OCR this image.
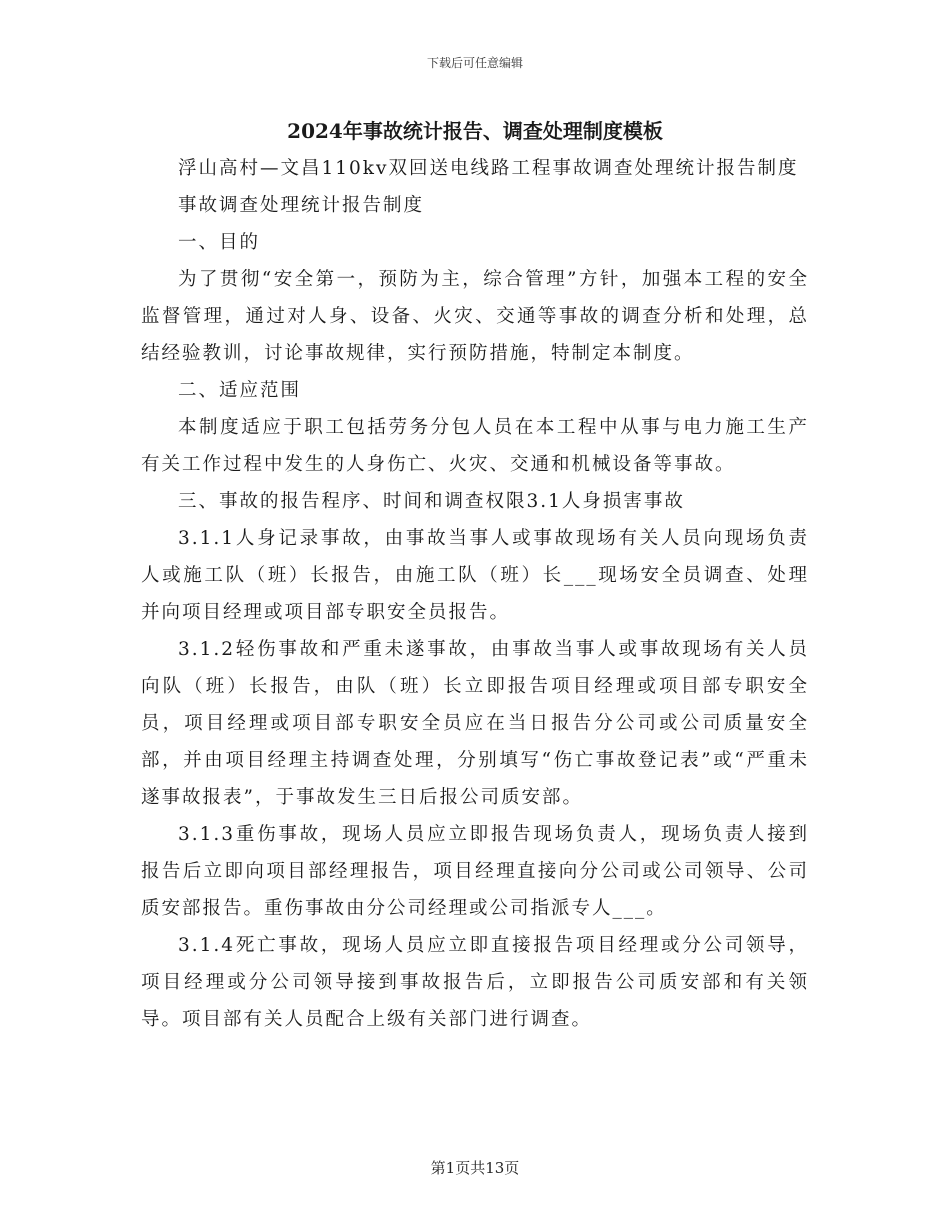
下载后可任意编辑
2024年事故统计报告、调查处理制度模板

浮山高村—文昌110kv双回送电线路工程事故调查处理统计报告制度

事故调查处理统计报告制度

一、目的

为了贯彻“安全第一，预防为主，综合管理”方针，加强本工程的安全监督管理，通过对人身、设备、火灾、交通等事故的调查分析和处理，总结经验教训，讨论事故规律，实行预防措施，特制定本制度。

二、适应范围

本制度适应于职工包括劳务分包人员在本工程中从事与电力施工生产有关工作过程中发生的人身伤亡、火灾、交通和机械设备等事故。

三、事故的报告程序、时间和调查权限3.1人身损害事故

3.1.1人身记录事故，由事故当事人或事故现场有关人员向现场负责人或施工队（班）长报告，由施工队（班）长___现场安全员调查、处理并向项目经理或项目部专职安全员报告。

3.1.2轻伤事故和严重未遂事故，由事故当事人或事故现场有关人员向队（班）长报告，由队（班）长立即报告项目经理或项目部专职安全员，项目经理或项目部专职安全员应在当日报告分公司或公司质量安全部，并由项目经理主持调查处理，分别填写“伤亡事故登记表”或“严重未遂事故报表”，于事故发生三日后报公司质安部。

3.1.3重伤事故，现场人员应立即报告现场负责人，现场负责人接到报告后立即向项目部经理报告，项目经理直接向分公司或公司领导、公司质安部报告。重伤事故由分公司经理或公司指派专人___。

3.1.4死亡事故，现场人员应立即直接报告项目经理或分公司领导，项目经理或分公司领导接到事故报告后，立即报告公司质安部和有关领导。项目部有关人员配合上级有关部门进行调查。

第1页共13页
